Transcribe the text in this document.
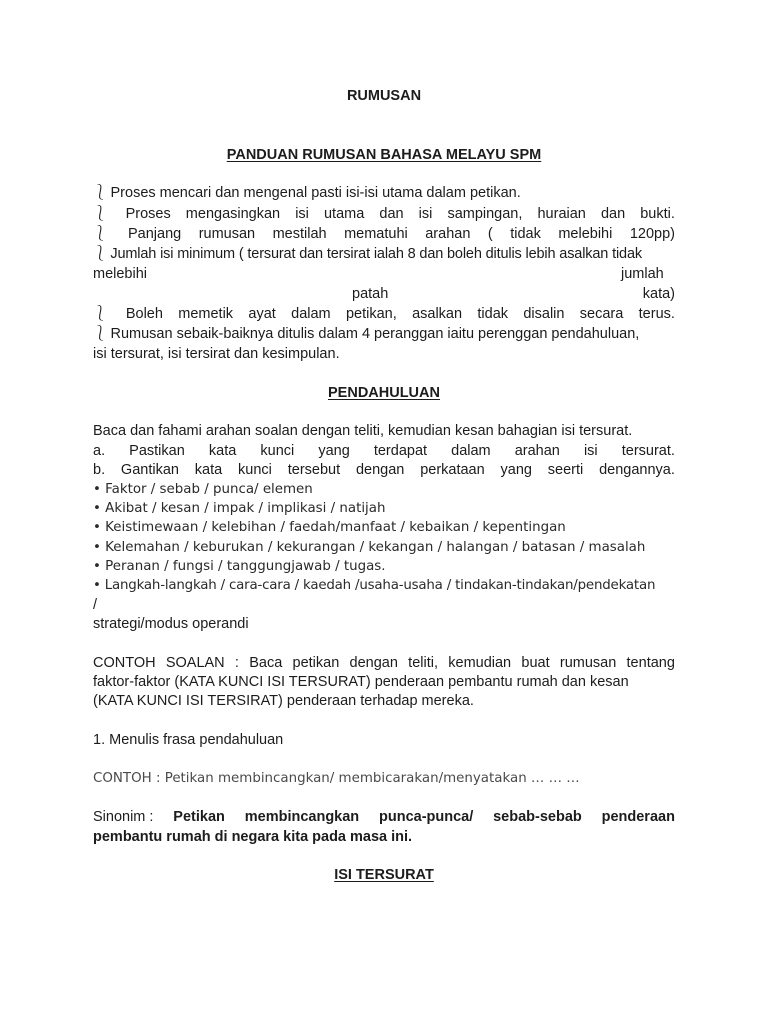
RUMUSAN
PANDUAN RUMUSAN BAHASA MELAYU SPM
⎱ Proses mencari dan mengenal pasti isi-isi utama dalam petikan.
⎱ Proses mengasingkan isi utama dan isi sampingan, huraian dan bukti.
⎱ Panjang rumusan mestilah mematuhi arahan ( tidak melebihi 120pp)
⎱ Jumlah isi minimum ( tersurat dan tersirat ialah 8 dan boleh ditulis lebih asalkan tidak
melebihi	jumlah
patah	kata)
⎱ Boleh memetik ayat dalam petikan, asalkan tidak disalin secara terus.
⎱ Rumusan sebaik-baiknya ditulis dalam 4 peranggan iaitu perenggan pendahuluan,
isi tersurat, isi tersirat dan kesimpulan.
PENDAHULUAN
Baca dan fahami arahan soalan dengan teliti, kemudian kesan bahagian isi tersurat.
a. Pastikan kata kunci yang terdapat dalam arahan isi tersurat.
b. Gantikan kata kunci tersebut dengan perkataan yang seerti dengannya.
• Faktor / sebab / punca/ elemen
• Akibat / kesan / impak / implikasi / natijah
• Keistimewaan / kelebihan / faedah/manfaat / kebaikan / kepentingan
• Kelemahan / keburukan / kekurangan / kekangan / halangan / batasan / masalah
• Peranan / fungsi / tanggungjawab / tugas.
• Langkah-langkah / cara-cara / kaedah /usaha-usaha / tindakan-tindakan/pendekatan
/
strategi/modus operandi
CONTOH SOALAN : Baca petikan dengan teliti, kemudian buat rumusan tentang
faktor-faktor (KATA KUNCI ISI TERSURAT) penderaan pembantu rumah dan kesan
(KATA KUNCI ISI TERSIRAT) penderaan terhadap mereka.
1. Menulis frasa pendahuluan
CONTOH : Petikan membincangkan/ membicarakan/menyatakan … … …
Sinonim : Petikan membincangkan punca-punca/ sebab-sebab penderaan
pembantu rumah di negara kita pada masa ini.
ISI TERSURAT
